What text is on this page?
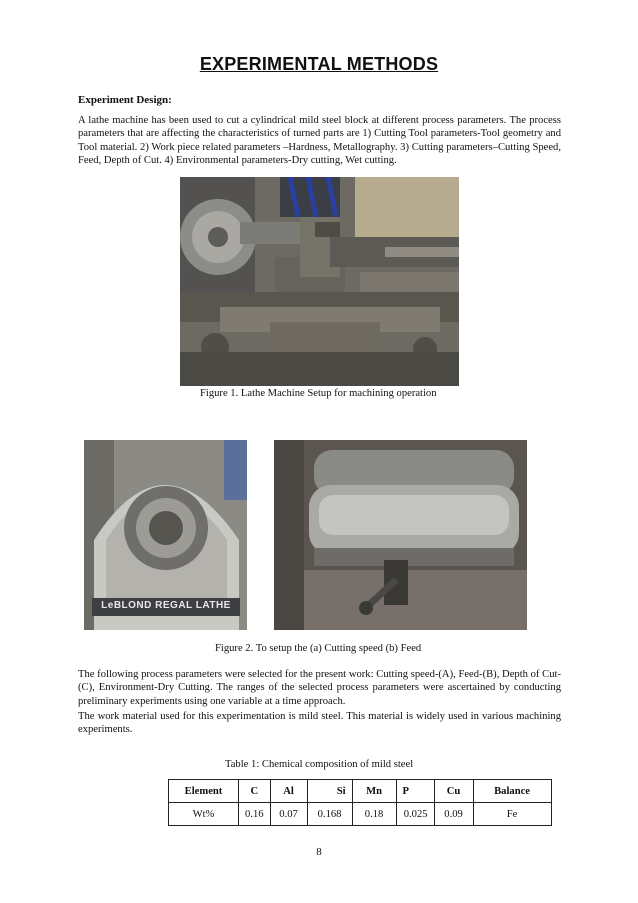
EXPERIMENTAL METHODS
Experiment Design:
A lathe machine has been used to cut a cylindrical mild steel block at different process parameters. The process parameters that are affecting the characteristics of turned parts are 1) Cutting Tool parameters-Tool geometry and Tool material. 2) Work piece related parameters –Hardness, Metallography. 3) Cutting parameters–Cutting Speed, Feed, Depth of Cut. 4) Environmental parameters-Dry cutting, Wet cutting.
Figure 1. Lathe Machine Setup for machining operation
LeBLOND REGAL LATHE
Figure 2. To setup the (a) Cutting speed (b) Feed
The following process parameters were selected for the present work: Cutting speed-(A), Feed-(B), Depth of Cut-(C), Environment-Dry Cutting. The ranges of the selected process parameters were ascertained by conducting preliminary experiments using one variable at a time approach.
The work material used for this experimentation is mild steel. This material is widely used in various machining experiments.
Table 1: Chemical composition of mild steel
Element	C	Al	Si	Mn	P	Cu	Balance
Wt%	0.16	0.07	0.168	0.18	0.025	0.09	Fe
8
